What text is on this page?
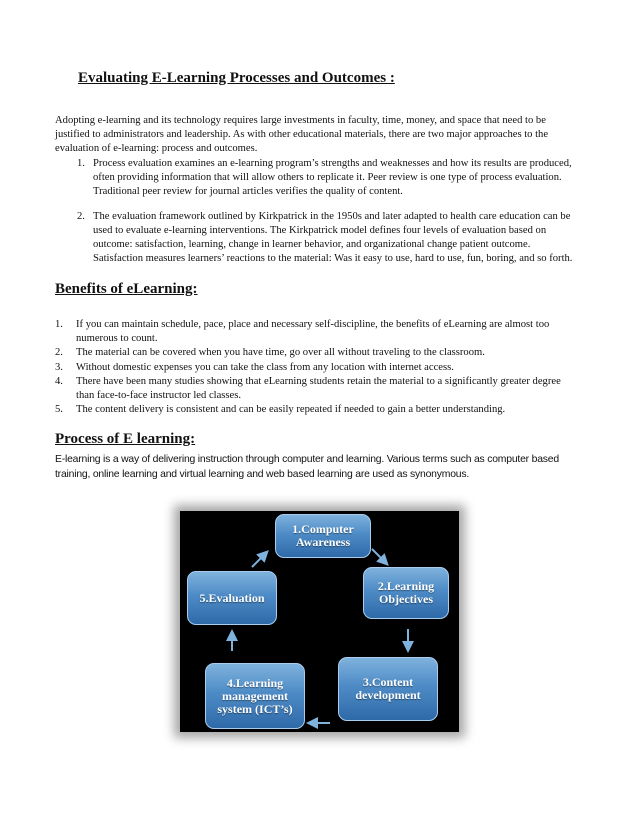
Evaluating E-Learning Processes and Outcomes :
Adopting e-learning and its technology requires large investments in faculty, time, money, and space that need to be justified to administrators and leadership. As with other educational materials, there are two major approaches to the evaluation of e-learning: process and outcomes.
1. Process evaluation examines an e-learning program’s strengths and weaknesses and how its results are produced, often providing information that will allow others to replicate it. Peer review is one type of process evaluation. Traditional peer review for journal articles verifies the quality of content.
2. The evaluation framework outlined by Kirkpatrick in the 1950s and later adapted to health care education can be used to evaluate e-learning interventions. The Kirkpatrick model defines four levels of evaluation based on outcome: satisfaction, learning, change in learner behavior, and organizational change patient outcome. Satisfaction measures learners’ reactions to the material: Was it easy to use, hard to use, fun, boring, and so forth.
Benefits of eLearning:
1. If you can maintain schedule, pace, place and necessary self-discipline, the benefits of eLearning are almost too numerous to count.
2. The material can be covered when you have time, go over all without traveling to the classroom.
3. Without domestic expenses you can take the class from any location with internet access.
4. There have been many studies showing that eLearning students retain the material to a significantly greater degree than face-to-face instructor led classes.
5. The content delivery is consistent and can be easily repeated if needed to gain a better understanding.
Process of E learning:
E-learning is a way of delivering instruction through computer and learning. Various terms such as computer based training, online learning and virtual learning and web based learning are used as synonymous.
1.Computer Awareness
2.Learning Objectives
3.Content development
4.Learning management system (ICT’s)
5.Evaluation
